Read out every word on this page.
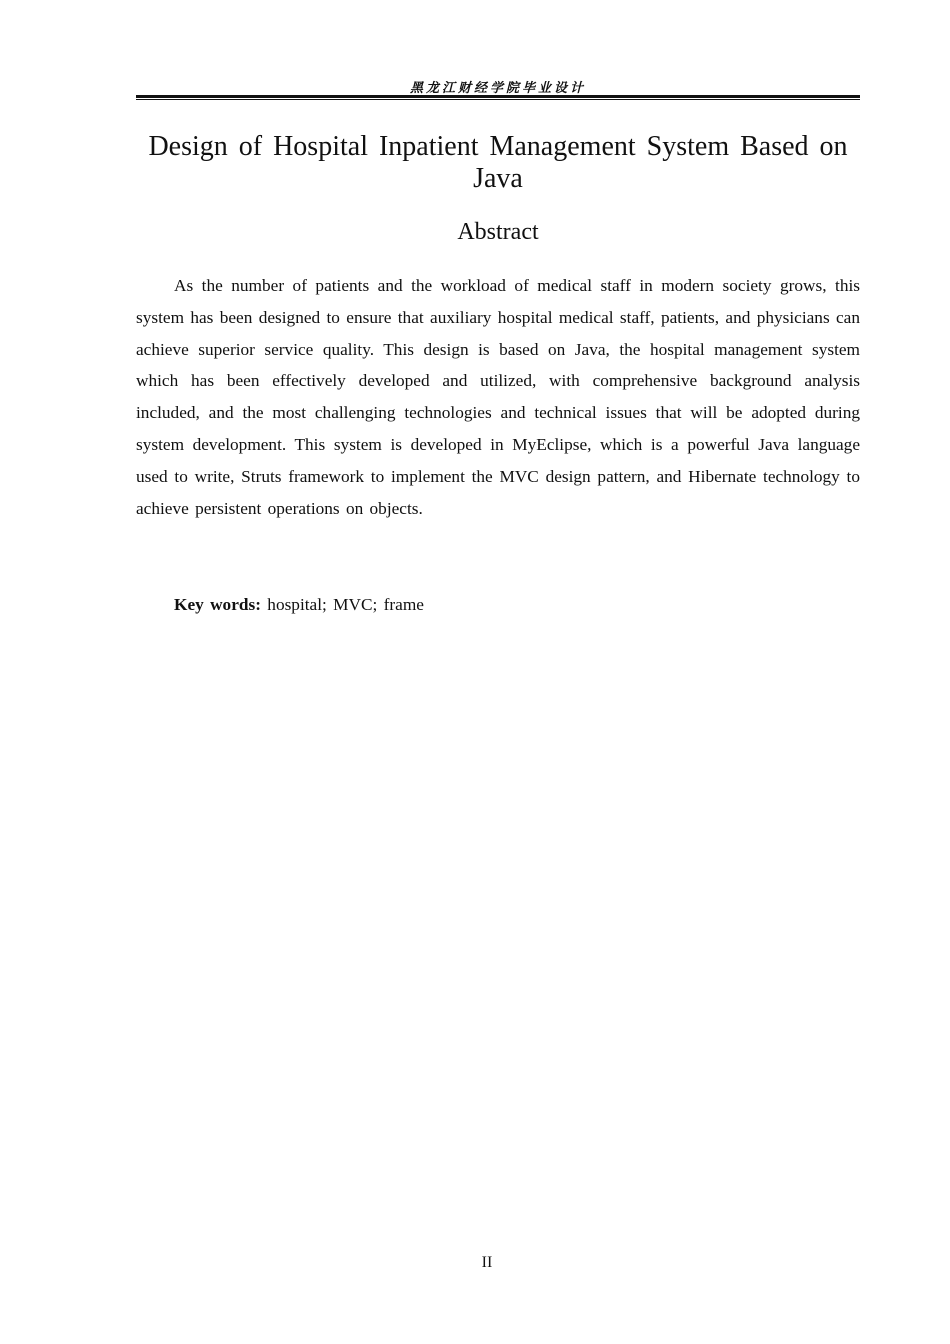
黑龙江财经学院毕业设计
Design of Hospital Inpatient Management System Based on Java
Abstract

As the number of patients and the workload of medical staff in modern society grows, this system has been designed to ensure that auxiliary hospital medical staff, patients, and physicians can achieve superior service quality. This design is based on Java, the hospital management system which has been effectively developed and utilized, with comprehensive background analysis included, and the most challenging technologies and technical issues that will be adopted during system development. This system is developed in MyEclipse, which is a powerful Java language used to write, Struts framework to implement the MVC design pattern, and Hibernate technology to achieve persistent operations on objects.

Key words: hospital; MVC; frame
II
